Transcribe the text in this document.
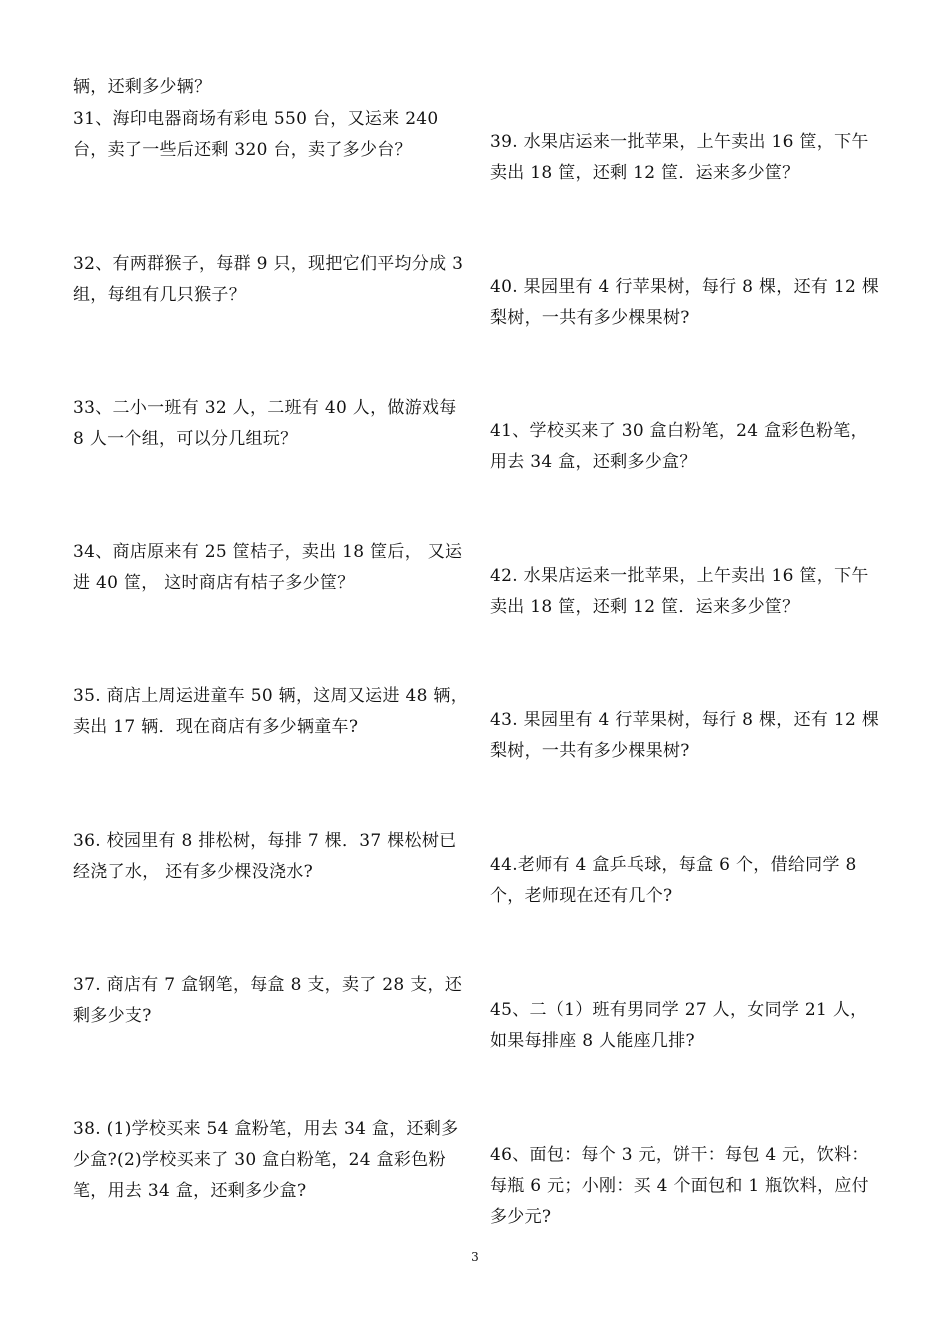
辆，还剩多少辆？
31、海印电器商场有彩电 550 台，又运来 240 台，卖了一些后还剩 320 台，卖了多少台？
32、有两群猴子，每群 9 只，现把它们平均分成 3 组，每组有几只猴子？
33、二小一班有 32 人，二班有 40 人，做游戏每 8 人一个组，可以分几组玩？
34、商店原来有 25 筐桔子，卖出 18 筐后， 又运进 40 筐， 这时商店有桔子多少筐？
35. 商店上周运进童车 50 辆，这周又运进 48 辆，卖出 17 辆．现在商店有多少辆童车?
36. 校园里有 8 排松树，每排 7 棵．37 棵松树已经浇了水， 还有多少棵没浇水?
37. 商店有 7 盒钢笔，每盒 8 支，卖了 28 支，还剩多少支?
38. (1)学校买来 54 盒粉笔，用去 34 盒，还剩多少盒?(2)学校买来了 30 盒白粉笔，24 盒彩色粉笔，用去 34 盒，还剩多少盒?
39. 水果店运来一批苹果，上午卖出 16 筐，下午卖出 18 筐，还剩 12 筐．运来多少筐？
40. 果园里有 4 行苹果树，每行 8 棵，还有 12 棵梨树，一共有多少棵果树?
41、学校买来了 30 盒白粉笔，24 盒彩色粉笔，用去 34 盒，还剩多少盒？
42. 水果店运来一批苹果，上午卖出 16 筐，下午卖出 18 筐，还剩 12 筐．运来多少筐？
43. 果园里有 4 行苹果树，每行 8 棵，还有 12 棵梨树，一共有多少棵果树?
44.老师有 4 盒乒乓球，每盒 6 个，借给同学 8 个，老师现在还有几个?
45、二（1）班有男同学 27 人，女同学 21 人，如果每排座 8 人能座几排?
46、面包：每个 3 元，饼干：每包 4 元，饮料：每瓶 6 元；小刚：买 4 个面包和 1 瓶饮料，应付多少元?
3
